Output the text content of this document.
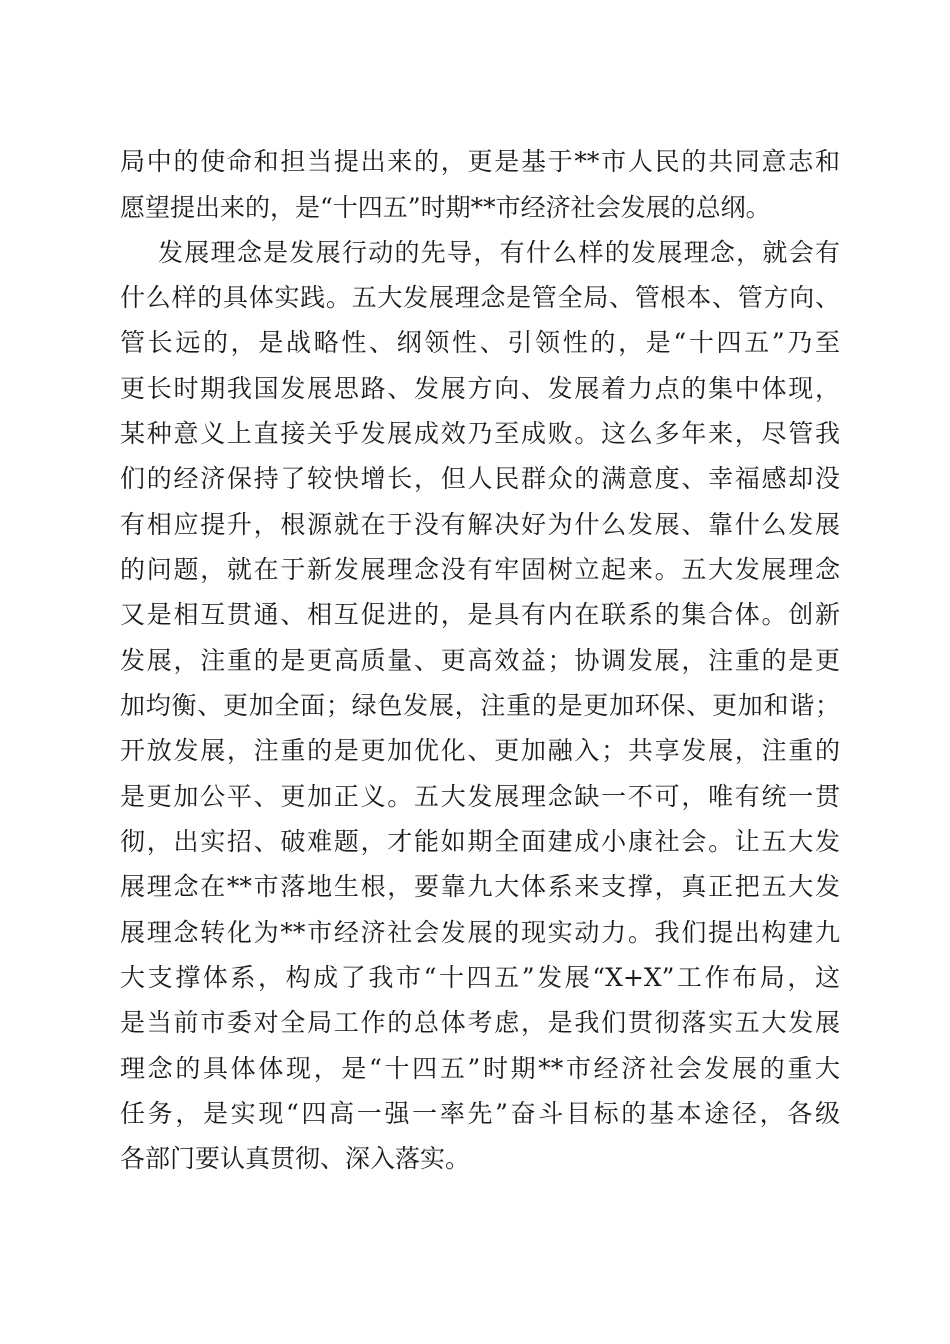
局中的使命和担当提出来的，更是基于**市人民的共同意志和
愿望提出来的，是“十四五”时期**市经济社会发展的总纲。
发展理念是发展行动的先导，有什么样的发展理念，就会有
什么样的具体实践。五大发展理念是管全局、管根本、管方向、
管长远的，是战略性、纲领性、引领性的，是“十四五”乃至
更长时期我国发展思路、发展方向、发展着力点的集中体现，
某种意义上直接关乎发展成效乃至成败。这么多年来，尽管我
们的经济保持了较快增长，但人民群众的满意度、幸福感却没
有相应提升，根源就在于没有解决好为什么发展、靠什么发展
的问题，就在于新发展理念没有牢固树立起来。五大发展理念
又是相互贯通、相互促进的，是具有内在联系的集合体。创新
发展，注重的是更高质量、更高效益；协调发展，注重的是更
加均衡、更加全面；绿色发展，注重的是更加环保、更加和谐；
开放发展，注重的是更加优化、更加融入；共享发展，注重的
是更加公平、更加正义。五大发展理念缺一不可，唯有统一贯
彻，出实招、破难题，才能如期全面建成小康社会。让五大发
展理念在**市落地生根，要靠九大体系来支撑，真正把五大发
展理念转化为**市经济社会发展的现实动力。我们提出构建九
大支撑体系，构成了我市“十四五”发展“X+X”工作布局，这
是当前市委对全局工作的总体考虑，是我们贯彻落实五大发展
理念的具体体现，是“十四五”时期**市经济社会发展的重大
任务，是实现“四高一强一率先”奋斗目标的基本途径，各级
各部门要认真贯彻、深入落实。
